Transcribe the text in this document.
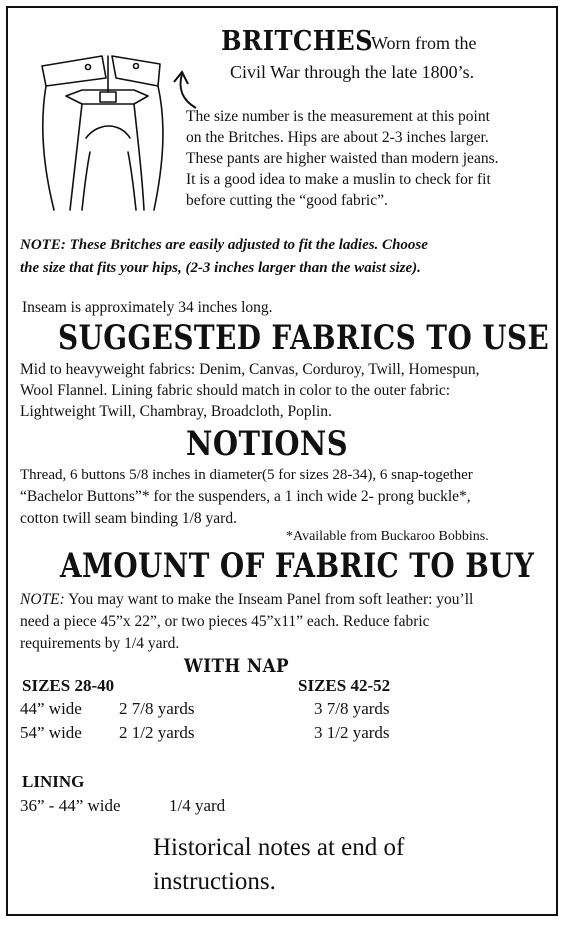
BRITCHES
Worn from the
Civil War through the late 1800’s.
The size number is the measurement at this point
on the Britches. Hips are about 2-3 inches larger.
These pants are higher waisted than modern jeans.
It is a good idea to make a muslin to check for fit
before cutting the “good fabric”.
NOTE: These Britches are easily adjusted to fit the ladies. Choose
the size that fits your hips, (2-3 inches larger than the waist size).
Inseam is approximately 34 inches long.
SUGGESTED FABRICS TO USE
Mid to heavyweight fabrics: Denim, Canvas, Corduroy, Twill, Homespun,
Wool Flannel. Lining fabric should match in color to the outer fabric:
Lightweight Twill, Chambray, Broadcloth, Poplin.
NOTIONS
Thread, 6 buttons 5/8 inches in diameter(5 for sizes 28-34), 6 snap-together
“Bachelor Buttons”* for the suspenders, a 1 inch wide 2- prong buckle*,
cotton twill seam binding 1/8 yard.
*Available from Buckaroo Bobbins.
AMOUNT OF FABRIC TO BUY
NOTE: You may want to make the Inseam Panel from soft leather: you’ll
need a piece 45”x 22”, or two pieces 45”x11” each. Reduce fabric
requirements by 1/4 yard.
WITH NAP
SIZES 28-40	SIZES 42-52
44” wide 2 7/8 yards	3 7/8 yards
54” wide 2 1/2 yards	3 1/2 yards
LINING
36” - 44” wide	1/4 yard
Historical notes at end of
instructions.
